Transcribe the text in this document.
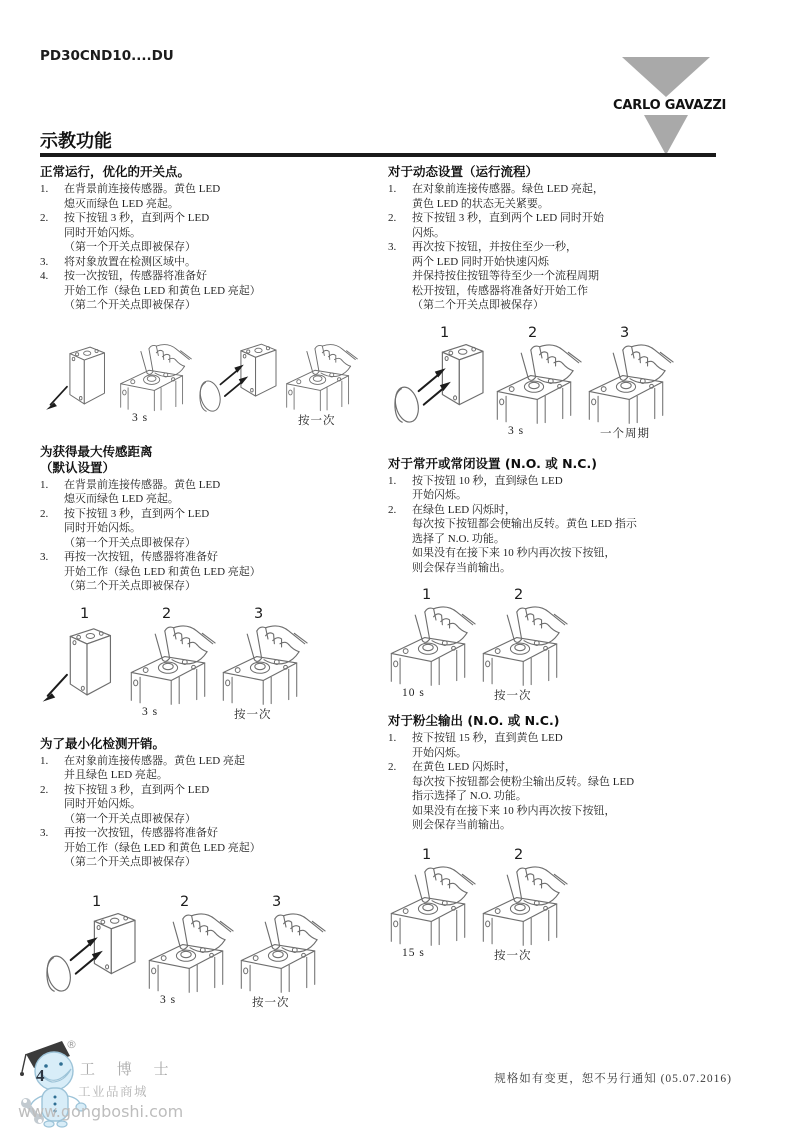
PD30CND10....DU
CARLO GAVAZZI
示教功能
正常运行，优化的开关点。
1.	在背景前连接传感器。黄色 LED
熄灭而绿色 LED 亮起。
2.	按下按钮 3 秒，直到两个 LED
同时开始闪烁。
（第一个开关点即被保存）
3.	将对象放置在检测区域中。
4.	按一次按钮，传感器将准备好
开始工作（绿色 LED 和黄色 LED 亮起）
（第二个开关点即被保存）
3 s	按一次
为获得最大传感距离
（默认设置）
1.	在背景前连接传感器。黄色 LED
熄灭而绿色 LED 亮起。
2.	按下按钮 3 秒，直到两个 LED
同时开始闪烁。
（第一个开关点即被保存）
3.	再按一次按钮，传感器将准备好
开始工作（绿色 LED 和黄色 LED 亮起）
（第二个开关点即被保存）
1	2
3 s
3
按一次
为了最小化检测开销。
1.	在对象前连接传感器。黄色 LED 亮起
并且绿色 LED 亮起。
2.	按下按钮 3 秒，直到两个 LED
同时开始闪烁。
（第一个开关点即被保存）
3.	再按一次按钮，传感器将准备好
开始工作（绿色 LED 和黄色 LED 亮起）
（第二个开关点即被保存）
1	2
3 s
3
按一次
对于动态设置（运行流程）
1.	在对象前连接传感器。绿色 LED 亮起，
黄色 LED 的状态无关紧要。
2.	按下按钮 3 秒，直到两个 LED 同时开始
闪烁。
3.	再次按下按钮，并按住至少一秒，
两个 LED 同时开始快速闪烁
并保持按住按钮等待至少一个流程周期
松开按钮，传感器将准备好开始工作
（第二个开关点即被保存）
1	2
3 s
3
一个周期
对于常开或常闭设置 (N.O. 或 N.C.)
1.	按下按钮 10 秒，直到绿色 LED
开始闪烁。
2.	在绿色 LED 闪烁时，
每次按下按钮都会使输出反转。黄色 LED 指示
选择了 N.O. 功能。
如果没有在接下来 10 秒内再次按下按钮，
则会保存当前输出。
1
10 s
2
按一次
对于粉尘输出 (N.O. 或 N.C.)
1.	按下按钮 15 秒，直到黄色 LED
开始闪烁。
2.	在黄色 LED 闪烁时，
每次按下按钮都会使粉尘输出反转。绿色 LED
指示选择了 N.O. 功能。
如果没有在接下来 10 秒内再次按下按钮，
则会保存当前输出。
1
15 s
2
按一次
规格如有变更，恕不另行通知 (05.07.2016)
®
工 博 士
工业品商城
www.gongboshi.com
4
